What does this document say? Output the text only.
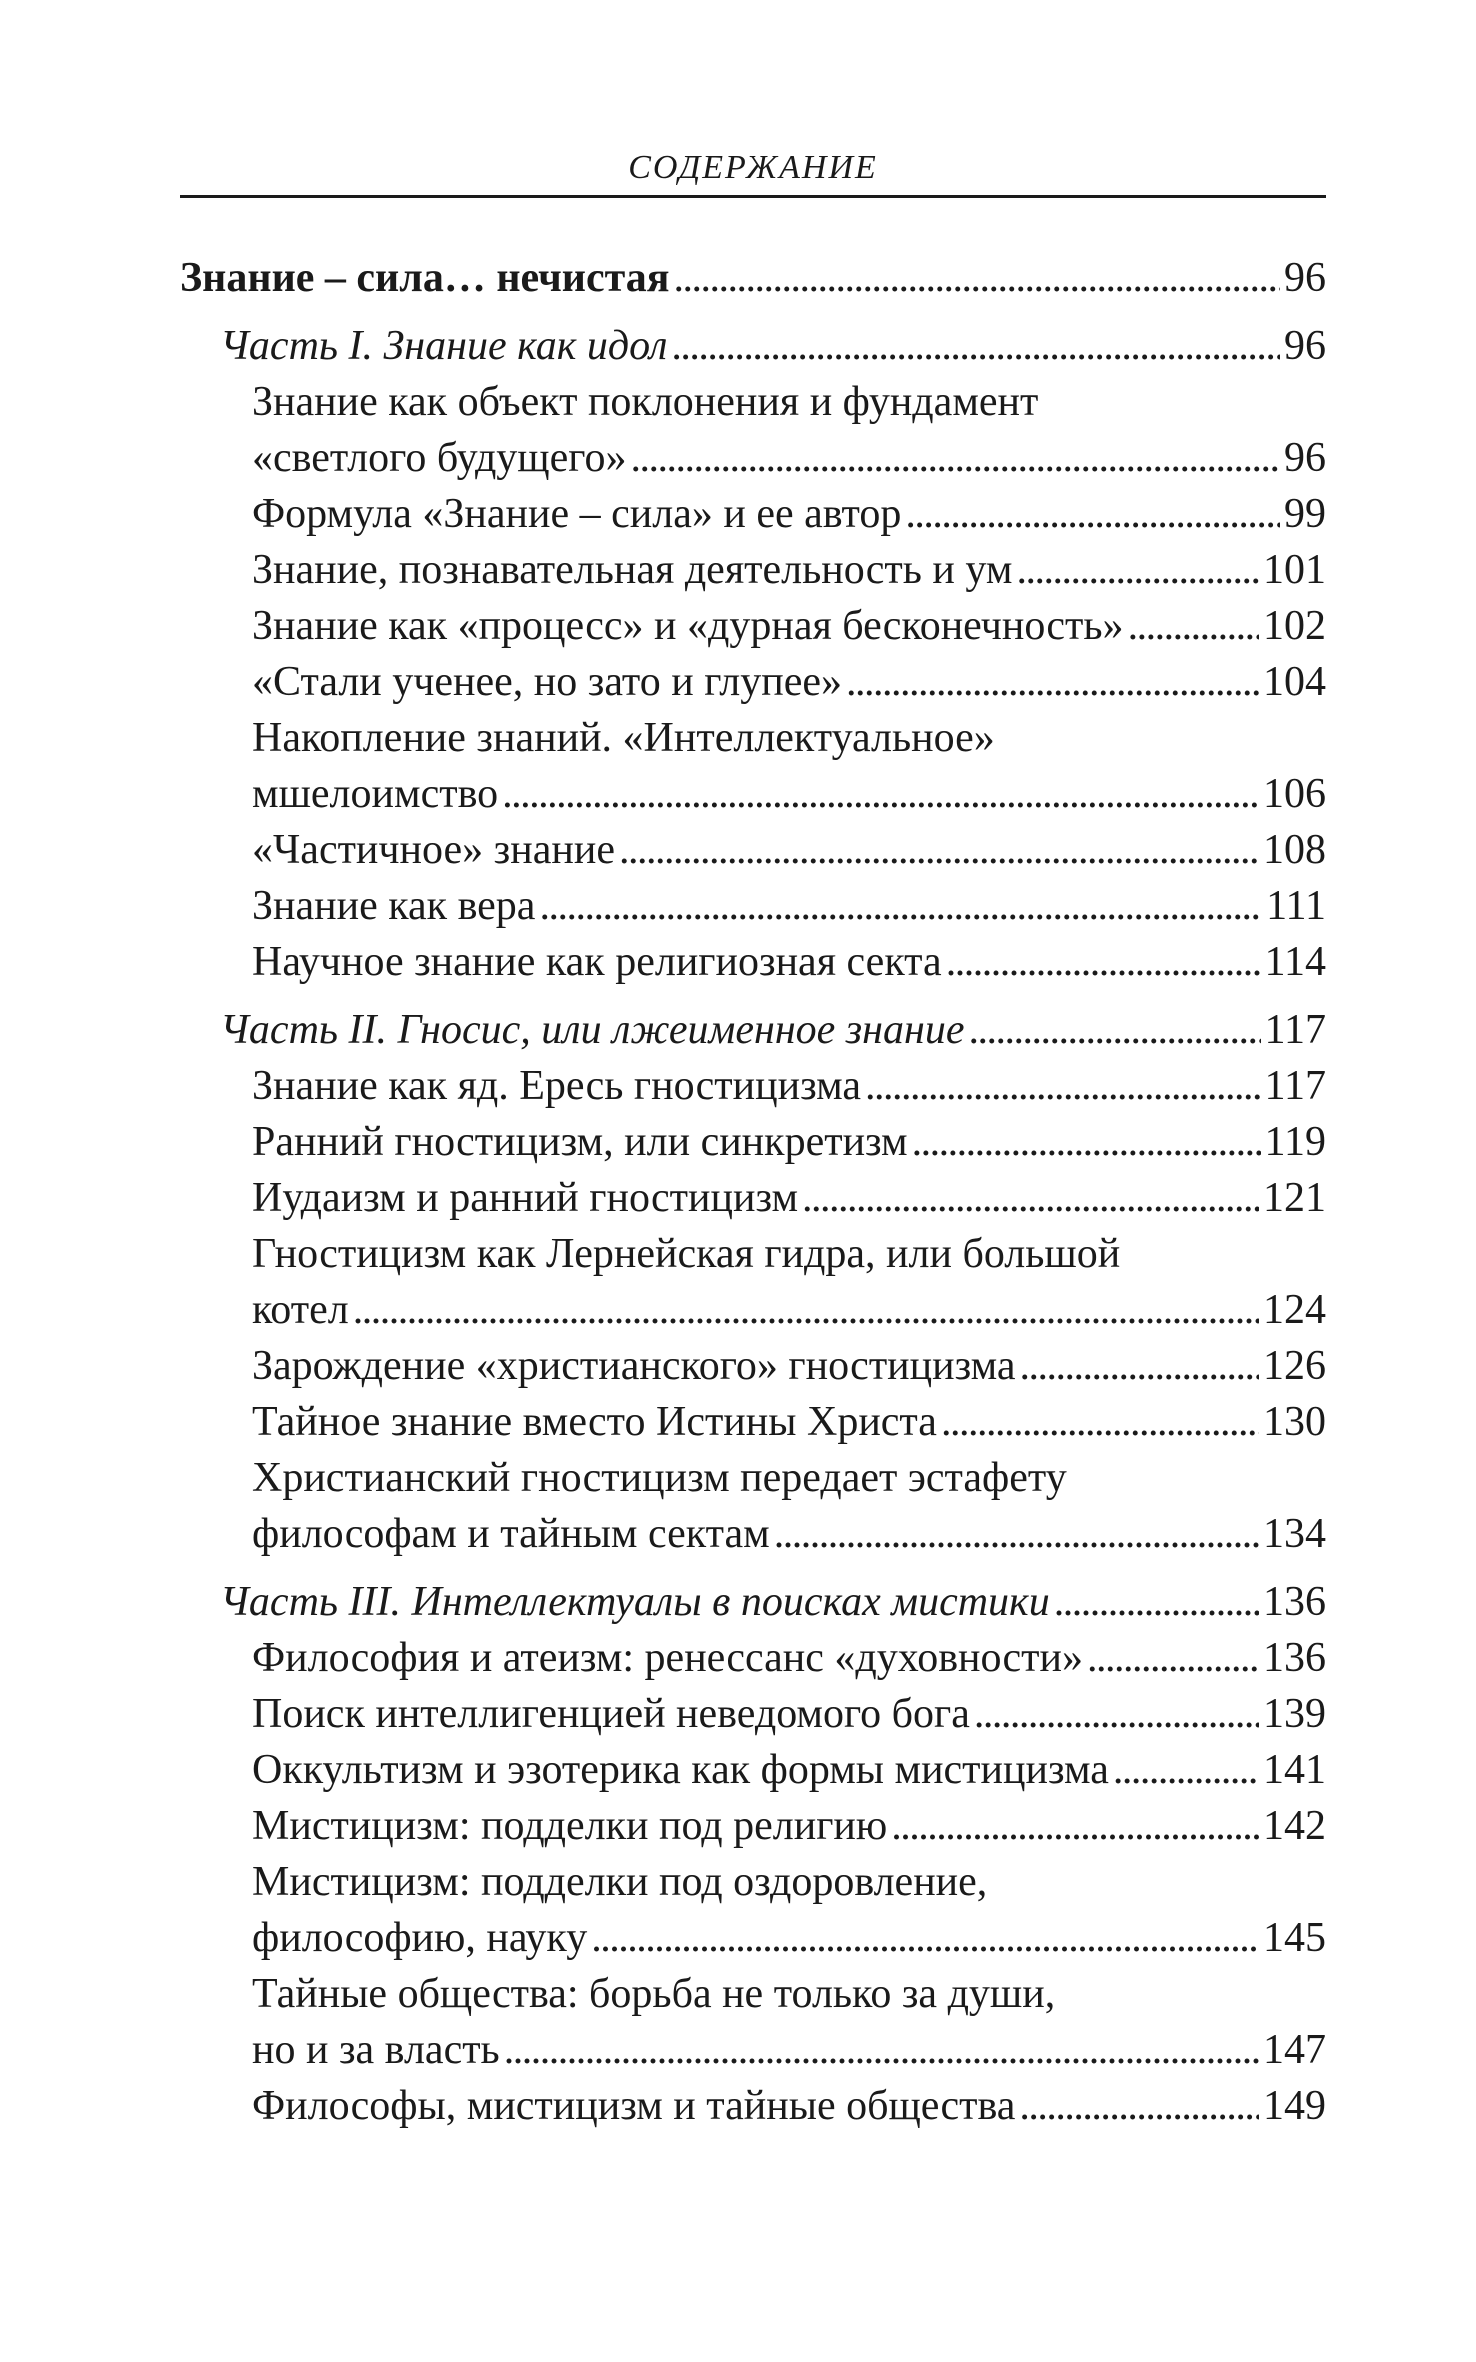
СОДЕРЖАНИЕ
Знание – сила… нечистая . . .	96
Часть I. Знание как идол . . .	96
Знание как объект поклонения и фундамент
«светлого будущего» . . .	96
Формула «Знание – сила» и ее автор . . .	99
Знание, познавательная деятельность и ум . . .	101
Знание как «процесс» и «дурная бесконечность» . . .	102
«Стали ученее, но зато и глупее» . . .	104
Накопление знаний. «Интеллектуальное»
мшелоимство . . .	106
«Частичное» знание . . .	108
Знание как вера . . .	111
Научное знание как религиозная секта . . .	114
Часть II. Гносис, или лжеименное знание . . .	117
Знание как яд. Ересь гностицизма . . .	117
Ранний гностицизм, или синкретизм . . .	119
Иудаизм и ранний гностицизм . . .	121
Гностицизм как Лернейская гидра, или большой
котел . . .	124
Зарождение «христианского» гностицизма . . .	126
Тайное знание вместо Истины Христа . . .	130
Христианский гностицизм передает эстафету
философам и тайным сектам . . .	134
Часть III. Интеллектуалы в поисках мистики . . .	136
Философия и атеизм: ренессанс «духовности» . . .	136
Поиск интеллигенцией неведомого бога . . .	139
Оккультизм и эзотерика как формы мистицизма . . .	141
Мистицизм: подделки под религию . . .	142
Мистицизм: подделки под оздоровление,
философию, науку . . .	145
Тайные общества: борьба не только за души,
но и за власть . . .	147
Философы, мистицизм и тайные общества . . .	149
